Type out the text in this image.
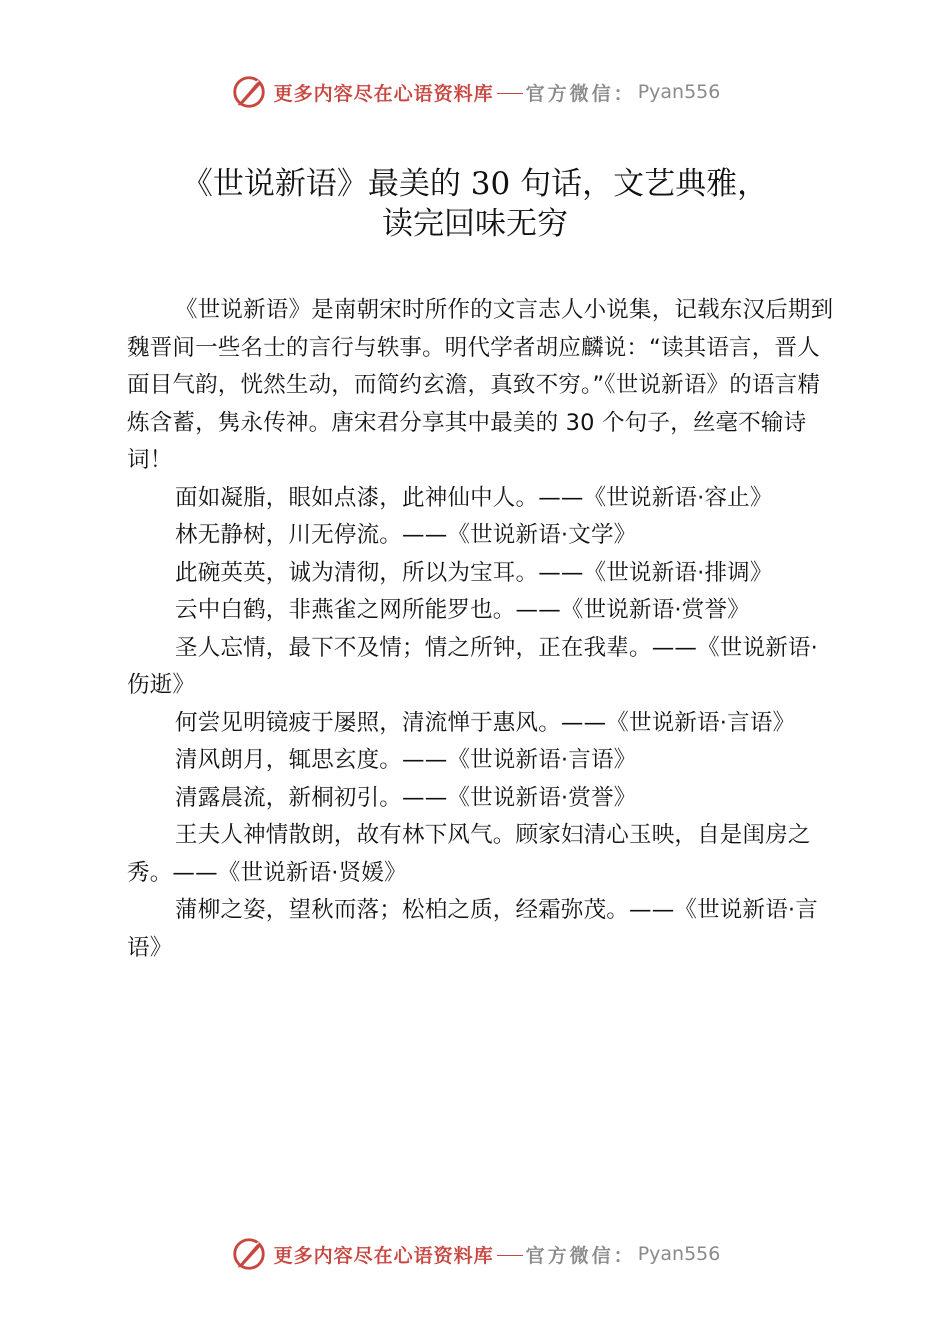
更多内容尽在心语资料库 官方微信： Pyan556
《世说新语》最美的 30 句话，文艺典雅，
读完回味无穷

《世说新语》是南朝宋时所作的文言志人小说集，记载东汉后期到魏晋间一些名士的言行与轶事。明代学者胡应麟说：“读其语言，晋人面目气韵，恍然生动，而简约玄澹，真致不穷。”《世说新语》的语言精炼含蓄，隽永传神。唐宋君分享其中最美的 30 个句子，丝毫不输诗词！

面如凝脂，眼如点漆，此神仙中人。——《世说新语·容止》

林无静树，川无停流。——《世说新语·文学》

此碗英英，诚为清彻，所以为宝耳。——《世说新语·排调》

云中白鹤，非燕雀之网所能罗也。——《世说新语·赏誉》

圣人忘情，最下不及情；情之所钟，正在我辈。——《世说新语·伤逝》

何尝见明镜疲于屡照，清流惮于惠风。——《世说新语·言语》

清风朗月，辄思玄度。——《世说新语·言语》

清露晨流，新桐初引。——《世说新语·赏誉》

王夫人神情散朗，故有林下风气。顾家妇清心玉映，自是闺房之秀。——《世说新语·贤媛》

蒲柳之姿，望秋而落；松柏之质，经霜弥茂。——《世说新语·言语》

更多内容尽在心语资料库 官方微信： Pyan556
